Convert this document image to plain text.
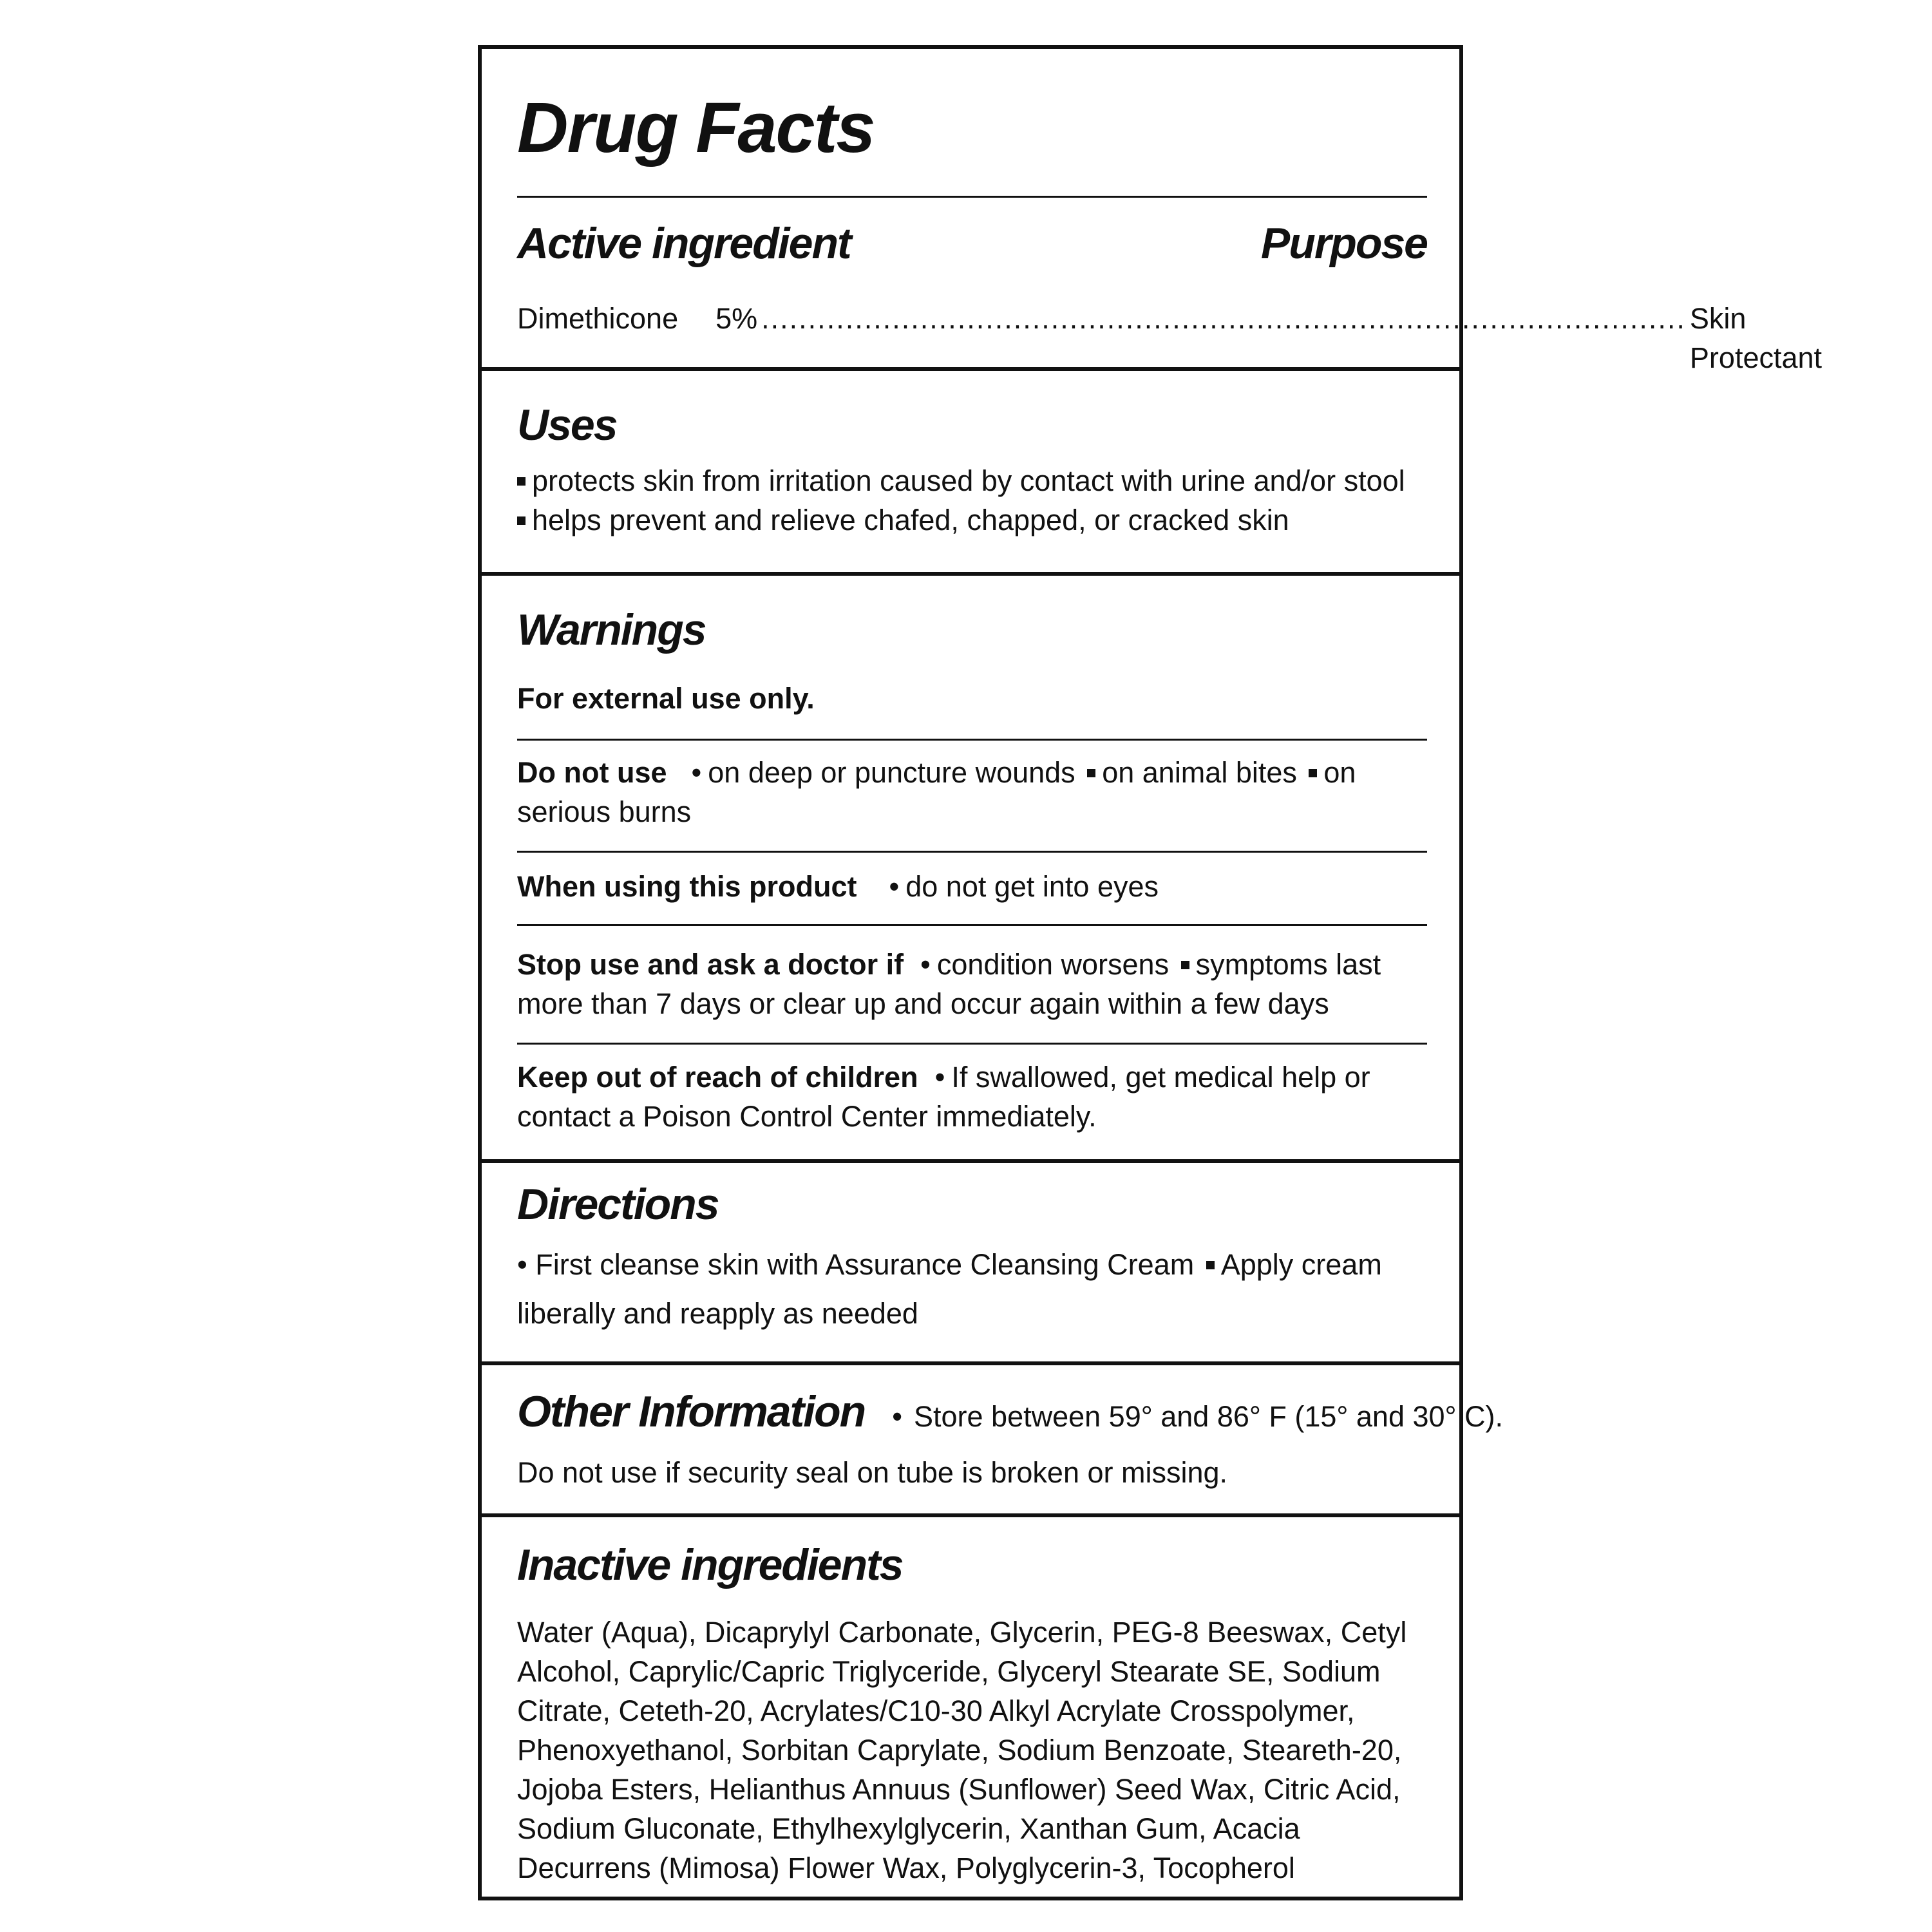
Drug Facts
Active ingredient	Purpose
Dimethicone 5% ................................................................................................... Skin Protectant
Uses
protects skin from irritation caused by contact with urine and/or stool
helps prevent and relieve chafed, chapped, or cracked skin
Warnings
For external use only.
Do not use • on deep or puncture wounds on animal bites on serious burns
When using this product • do not get into eyes
Stop use and ask a doctor if • condition worsens symptoms last more than 7 days or clear up and occur again within a few days
Keep out of reach of children • If swallowed, get medical help or contact a Poison Control Center immediately.
Directions
• First cleanse skin with Assurance Cleansing Cream Apply cream liberally and reapply as needed
Other Information • Store between 59° and 86° F (15° and 30° C).
Do not use if security seal on tube is broken or missing.
Inactive ingredients
Water (Aqua), Dicaprylyl Carbonate, Glycerin, PEG-8 Beeswax, Cetyl Alcohol, Caprylic/Capric Triglyceride, Glyceryl Stearate SE, Sodium Citrate, Ceteth-20, Acrylates/C10-30 Alkyl Acrylate Crosspolymer, Phenoxyethanol, Sorbitan Caprylate, Sodium Benzoate, Steareth-20, Jojoba Esters, Helianthus Annuus (Sunflower) Seed Wax, Citric Acid, Sodium Gluconate, Ethylhexylglycerin, Xanthan Gum, Acacia Decurrens (Mimosa) Flower Wax, Polyglycerin-3, Tocopherol
